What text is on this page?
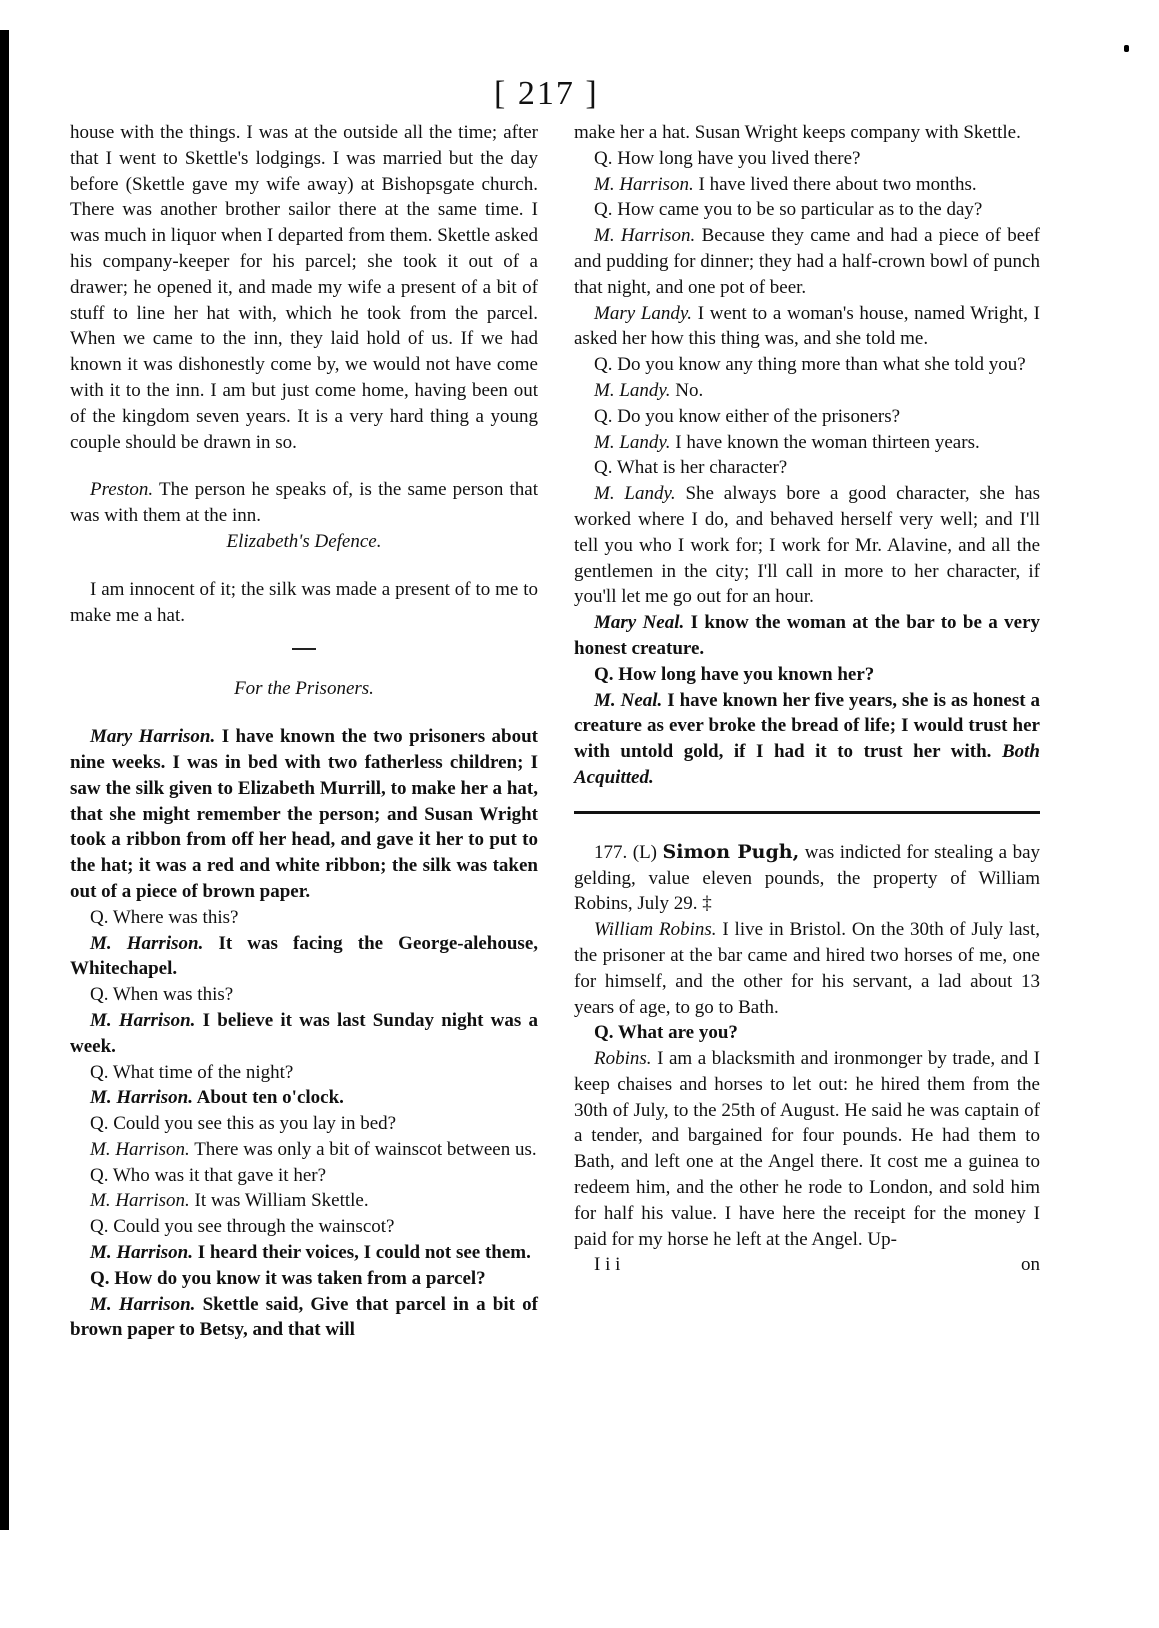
[ 217 ]

house with the things. I was at the outside all the time; after that I went to Skettle's lodgings. I was married but the day before (Skettle gave my wife away) at Bishopsgate church. There was another brother sailor there at the same time. I was much in liquor when I departed from them. Skettle asked his company-keeper for his parcel; she took it out of a drawer; he opened it, and made my wife a present of a bit of stuff to line her hat with, which he took from the parcel. When we came to the inn, they laid hold of us. If we had known it was dishonestly come by, we would not have come with it to the inn. I am but just come home, having been out of the kingdom seven years. It is a very hard thing a young couple should be drawn in so.

Preston. The person he speaks of, is the same person that was with them at the inn.

Elizabeth's Defence.

I am innocent of it; the silk was made a present of to me to make me a hat.

For the Prisoners.

Mary Harrison. I have known the two prisoners about nine weeks. I was in bed with two fatherless children; I saw the silk given to Elizabeth Murrill, to make her a hat, that she might remember the person; and Susan Wright took a ribbon from off her head, and gave it her to put to the hat; it was a red and white ribbon; the silk was taken out of a piece of brown paper.

Q. Where was this?

M. Harrison. It was facing the George-alehouse, Whitechapel.

Q. When was this?

M. Harrison. I believe it was last Sunday night was a week.

Q. What time of the night?

M. Harrison. About ten o'clock.

Q. Could you see this as you lay in bed?

M. Harrison. There was only a bit of wainscot between us.

Q. Who was it that gave it her?

M. Harrison. It was William Skettle.

Q. Could you see through the wainscot?

M. Harrison. I heard their voices, I could not see them.

Q. How do you know it was taken from a parcel?

M. Harrison. Skettle said, Give that parcel in a bit of brown paper to Betsy, and that will

make her a hat. Susan Wright keeps company with Skettle.

Q. How long have you lived there?

M. Harrison. I have lived there about two months.

Q. How came you to be so particular as to the day?

M. Harrison. Because they came and had a piece of beef and pudding for dinner; they had a half-crown bowl of punch that night, and one pot of beer.

Mary Landy. I went to a woman's house, named Wright, I asked her how this thing was, and she told me.

Q. Do you know any thing more than what she told you?

M. Landy. No.

Q. Do you know either of the prisoners?

M. Landy. I have known the woman thirteen years.

Q. What is her character?

M. Landy. She always bore a good character, she has worked where I do, and behaved herself very well; and I'll tell you who I work for; I work for Mr. Alavine, and all the gentlemen in the city; I'll call in more to her character, if you'll let me go out for an hour.

Mary Neal. I know the woman at the bar to be a very honest creature.

Q. How long have you known her?

M. Neal. I have known her five years, she is as honest a creature as ever broke the bread of life; I would trust her with untold gold, if I had it to trust her with. Both Acquitted.

177. (L) Simon Pugh, was indicted for stealing a bay gelding, value eleven pounds, the property of William Robins, July 29. ‡

William Robins. I live in Bristol. On the 30th of July last, the prisoner at the bar came and hired two horses of me, one for himself, and the other for his servant, a lad about 13 years of age, to go to Bath.

Q. What are you?

Robins. I am a blacksmith and ironmonger by trade, and I keep chaises and horses to let out: he hired them from the 30th of July, to the 25th of August. He said he was captain of a tender, and bargained for four pounds. He had them to Bath, and left one at the Angel there. It cost me a guinea to redeem him, and the other he rode to London, and sold him for half his value. I have here the receipt for the money I paid for my horse he left at the Angel. Up-

I i i	on
